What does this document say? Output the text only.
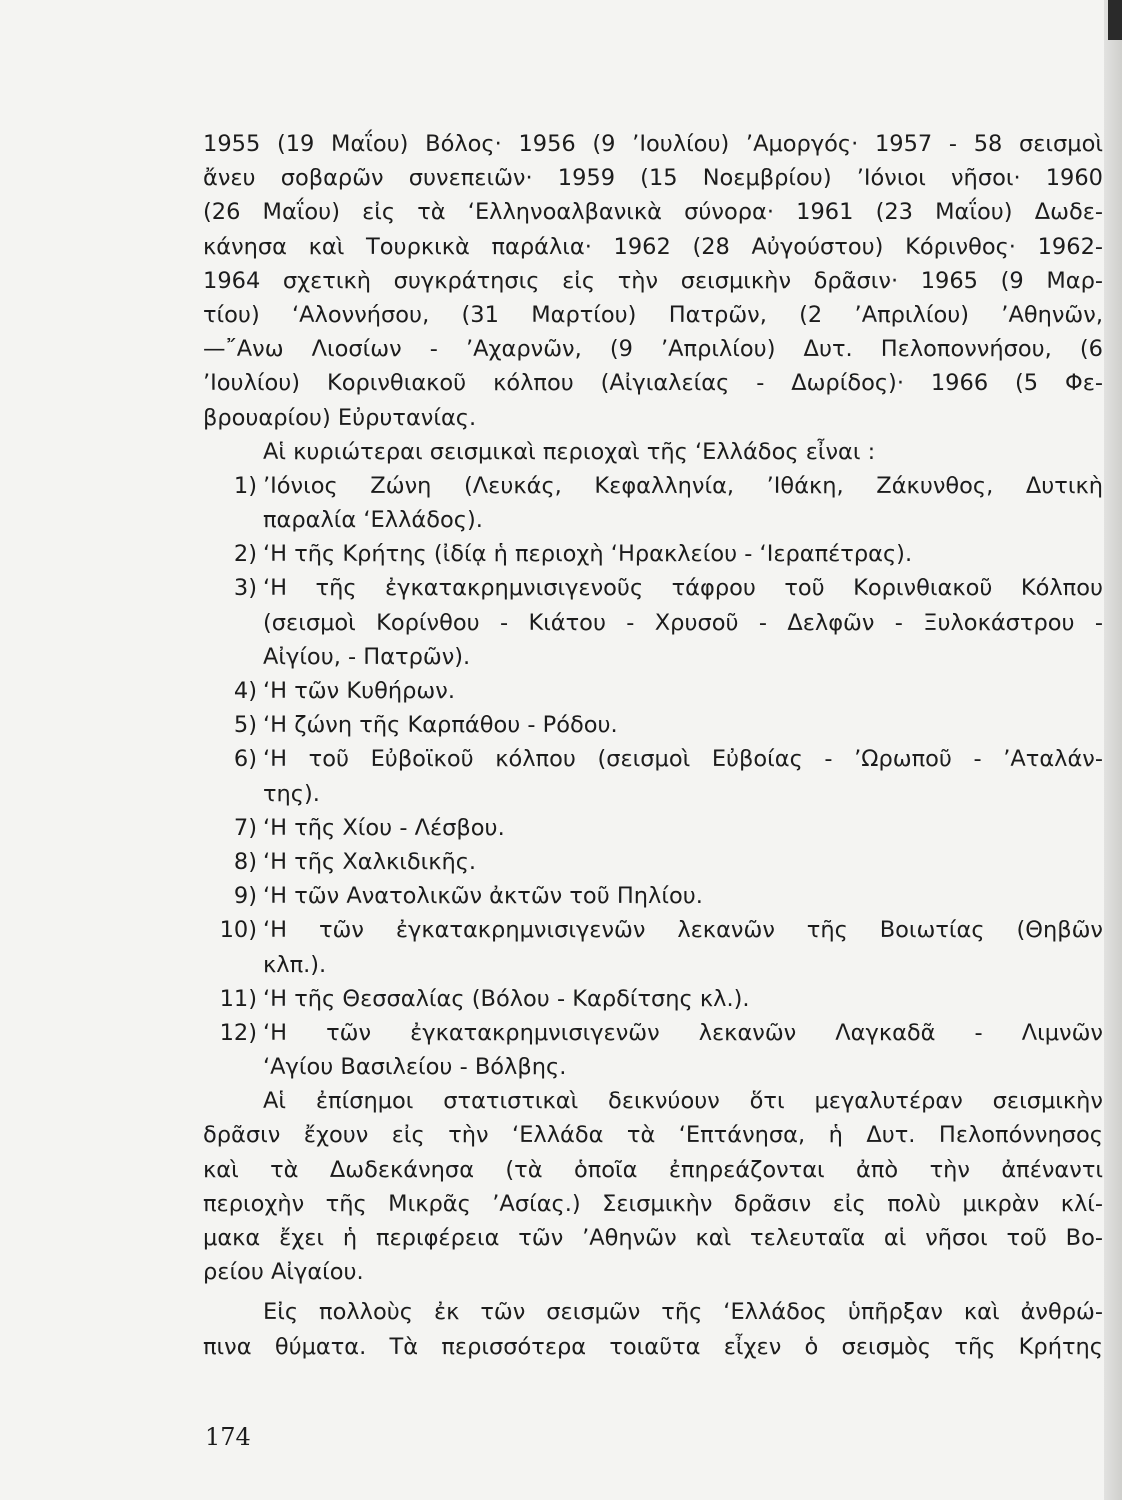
1955 (19 Μαΐου) Βόλος· 1956 (9 ’Ιουλίου) ’Αμοργός· 1957 - 58 σεισμοὶ
ἄνευ σοβαρῶν συνεπειῶν· 1959 (15 Νοεμβρίου) ’Ιόνιοι νῆσοι· 1960
(26 Μαΐου) εἰς τὰ ‘Ελληνοαλβανικὰ σύνορα· 1961 (23 Μαΐου) Δωδε-
κάνησα καὶ Τουρκικὰ παράλια· 1962 (28 Αὐγούστου) Κόρινθος· 1962-
1964 σχετικὴ συγκράτησις εἰς τὴν σεισμικὴν δρᾶσιν· 1965 (9 Μαρ-
τίου) ‘Αλοννήσου, (31 Μαρτίου) Πατρῶν, (2 ’Απριλίου) ’Αθηνῶν,
—῎Ανω Λιοσίων - ’Αχαρνῶν, (9 ’Απριλίου) Δυτ. Πελοποννήσου, (6
’Ιουλίου) Κορινθιακοῦ κόλπου (Αἰγιαλείας - Δωρίδος)· 1966 (5 Φε-
βρουαρίου) Εὐρυτανίας.
Αἱ κυριώτεραι σεισμικαὶ περιοχαὶ τῆς ‘Ελλάδος εἶναι :
1) ’Ιόνιος Ζώνη (Λευκάς, Κεφαλληνία, ’Ιθάκη, Ζάκυνθος, Δυτικὴ
παραλία ‘Ελλάδος).
2) ‘Η τῆς Κρήτης (ἰδίᾳ ἡ περιοχὴ ‘Ηρακλείου - ‘Ιεραπέτρας).
3) ‘Η τῆς ἐγκατακρημνισιγενοῦς τάφρου τοῦ Κορινθιακοῦ Κόλπου
(σεισμοὶ Κορίνθου - Κιάτου - Χρυσοῦ - Δελφῶν - Ξυλοκάστρου -
Αἰγίου, - Πατρῶν).
4) ‘Η τῶν Κυθήρων.
5) ‘Η ζώνη τῆς Καρπάθου - Ρόδου.
6) ‘Η τοῦ Εὐβοϊκοῦ κόλπου (σεισμοὶ Εὐβοίας - ’Ωρωποῦ - ’Αταλάν-
της).
7) ‘Η τῆς Χίου - Λέσβου.
8) ‘Η τῆς Χαλκιδικῆς.
9) ‘Η τῶν Ανατολικῶν ἀκτῶν τοῦ Πηλίου.
10) ‘Η τῶν ἐγκατακρημνισιγενῶν λεκανῶν τῆς Βοιωτίας (Θηβῶν
κλπ.).
11) ‘Η τῆς Θεσσαλίας (Βόλου - Καρδίτσης κλ.).
12) ‘Η τῶν ἐγκατακρημνισιγενῶν λεκανῶν Λαγκαδᾶ - Λιμνῶν
‘Αγίου Βασιλείου - Βόλβης.
Αἱ ἐπίσημοι στατιστικαὶ δεικνύουν ὅτι μεγαλυτέραν σεισμικὴν
δρᾶσιν ἔχουν εἰς τὴν ‘Ελλάδα τὰ ‘Επτάνησα, ἡ Δυτ. Πελοπόννησος
καὶ τὰ Δωδεκάνησα (τὰ ὁποῖα ἐπηρεάζονται ἀπὸ τὴν ἀπέναντι
περιοχὴν τῆς Μικρᾶς ’Ασίας.) Σεισμικὴν δρᾶσιν εἰς πολὺ μικρὰν κλί-
μακα ἔχει ἡ περιφέρεια τῶν ’Αθηνῶν καὶ τελευταῖα αἱ νῆσοι τοῦ Βο-
ρείου Αἰγαίου.
Εἰς πολλοὺς ἐκ τῶν σεισμῶν τῆς ‘Ελλάδος ὑπῆρξαν καὶ ἀνθρώ-
πινα θύματα. Τὰ περισσότερα τοιαῦτα εἶχεν ὁ σεισμὸς τῆς Κρήτης
174
